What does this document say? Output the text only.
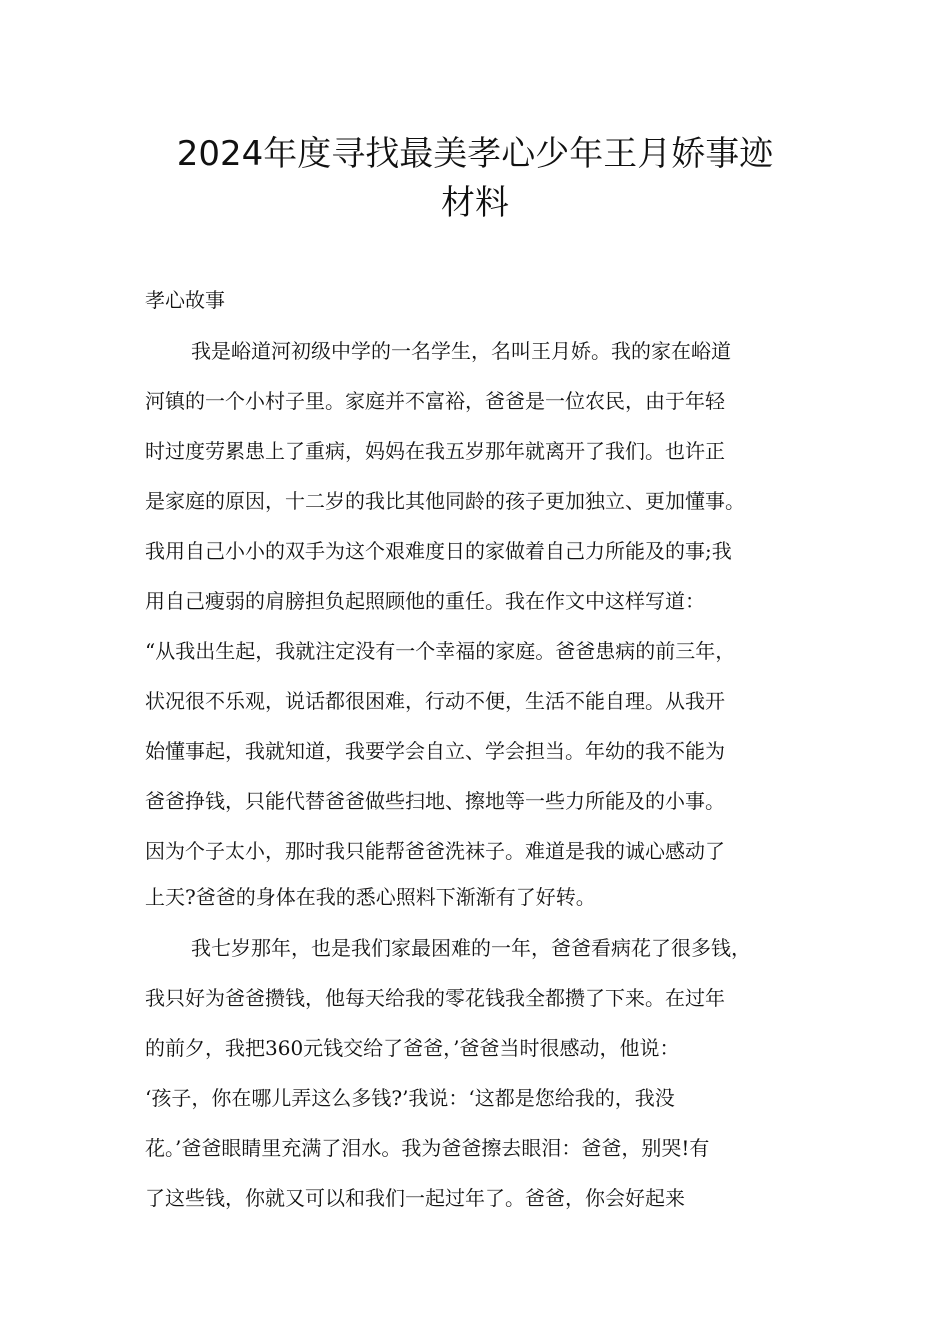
2024年度寻找最美孝心少年王月娇事迹
材料
孝心故事
我是峪道河初级中学的一名学生，名叫王月娇。我的家在峪道
河镇的一个小村子里。家庭并不富裕，爸爸是一位农民，由于年轻
时过度劳累患上了重病，妈妈在我五岁那年就离开了我们。也许正
是家庭的原因，十二岁的我比其他同龄的孩子更加独立、更加懂事。
我用自己小小的双手为这个艰难度日的家做着自己力所能及的事;我
用自己瘦弱的肩膀担负起照顾他的重任。我在作文中这样写道：
“从我出生起，我就注定没有一个幸福的家庭。爸爸患病的前三年，
状况很不乐观，说话都很困难，行动不便，生活不能自理。从我开
始懂事起，我就知道，我要学会自立、学会担当。年幼的我不能为
爸爸挣钱，只能代替爸爸做些扫地、擦地等一些力所能及的小事。
因为个子太小，那时我只能帮爸爸洗袜子。难道是我的诚心感动了
上天?爸爸的身体在我的悉心照料下渐渐有了好转。
我七岁那年，也是我们家最困难的一年，爸爸看病花了很多钱，
我只好为爸爸攒钱，他每天给我的零花钱我全都攒了下来。在过年
的前夕，我把360元钱交给了爸爸，’爸爸当时很感动，他说：
‘孩子，你在哪儿弄这么多钱?’我说：‘这都是您给我的，我没
花。’爸爸眼睛里充满了泪水。我为爸爸擦去眼泪：爸爸，别哭!有
了这些钱，你就又可以和我们一起过年了。爸爸，你会好起来
